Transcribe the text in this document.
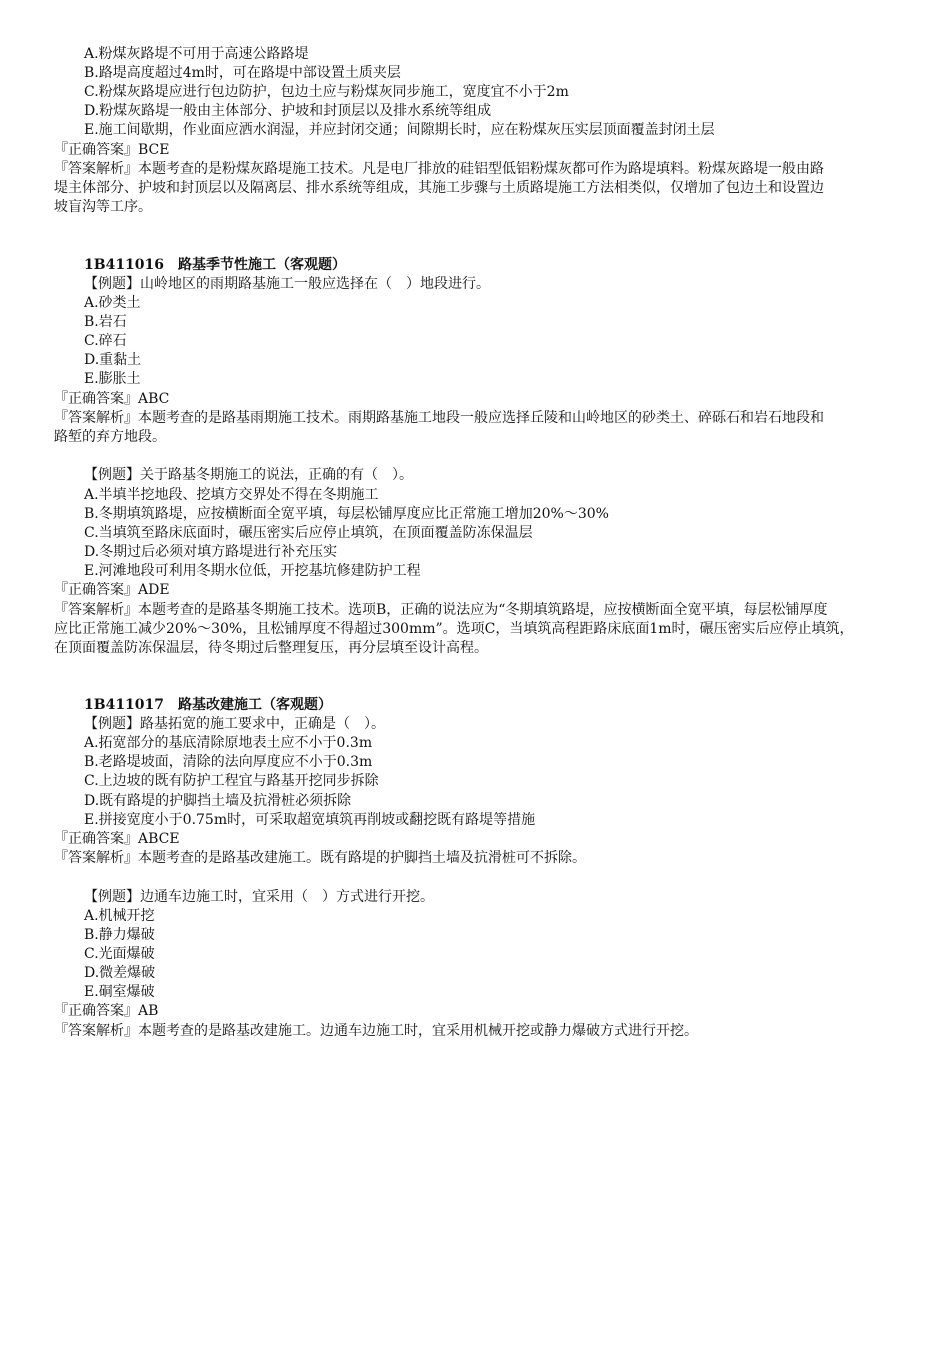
A.粉煤灰路堤不可用于高速公路路堤
B.路堤高度超过4m时，可在路堤中部设置土质夹层
C.粉煤灰路堤应进行包边防护，包边土应与粉煤灰同步施工，宽度宜不小于2m
D.粉煤灰路堤一般由主体部分、护坡和封顶层以及排水系统等组成
E.施工间歇期，作业面应洒水润湿，并应封闭交通；间隙期长时，应在粉煤灰压实层顶面覆盖封闭土层
『正确答案』BCE
『答案解析』本题考查的是粉煤灰路堤施工技术。凡是电厂排放的硅铝型低铝粉煤灰都可作为路堤填料。粉煤灰路堤一般由路
堤主体部分、护坡和封顶层以及隔离层、排水系统等组成，其施工步骤与土质路堤施工方法相类似，仅增加了包边土和设置边
坡盲沟等工序。
1B411016 路基季节性施工（客观题）
【例题】山岭地区的雨期路基施工一般应选择在（　）地段进行。
A.砂类土
B.岩石
C.碎石
D.重黏土
E.膨胀土
『正确答案』ABC
『答案解析』本题考查的是路基雨期施工技术。雨期路基施工地段一般应选择丘陵和山岭地区的砂类土、碎砾石和岩石地段和
路堑的弃方地段。
【例题】关于路基冬期施工的说法，正确的有（　）。
A.半填半挖地段、挖填方交界处不得在冬期施工
B.冬期填筑路堤，应按横断面全宽平填，每层松铺厚度应比正常施工增加20%～30%
C.当填筑至路床底面时，碾压密实后应停止填筑，在顶面覆盖防冻保温层
D.冬期过后必须对填方路堤进行补充压实
E.河滩地段可利用冬期水位低，开挖基坑修建防护工程
『正确答案』ADE
『答案解析』本题考查的是路基冬期施工技术。选项B，正确的说法应为“冬期填筑路堤，应按横断面全宽平填，每层松铺厚度
应比正常施工减少20%～30%，且松铺厚度不得超过300mm”。选项C，当填筑高程距路床底面1m时，碾压密实后应停止填筑，
在顶面覆盖防冻保温层，待冬期过后整理复压，再分层填至设计高程。
1B411017 路基改建施工（客观题）
【例题】路基拓宽的施工要求中，正确是（　）。
A.拓宽部分的基底清除原地表土应不小于0.3m
B.老路堤坡面，清除的法向厚度应不小于0.3m
C.上边坡的既有防护工程宜与路基开挖同步拆除
D.既有路堤的护脚挡土墙及抗滑桩必须拆除
E.拼接宽度小于0.75m时，可采取超宽填筑再削坡或翻挖既有路堤等措施
『正确答案』ABCE
『答案解析』本题考查的是路基改建施工。既有路堤的护脚挡土墙及抗滑桩可不拆除。
【例题】边通车边施工时，宜采用（　）方式进行开挖。
A.机械开挖
B.静力爆破
C.光面爆破
D.微差爆破
E.硐室爆破
『正确答案』AB
『答案解析』本题考查的是路基改建施工。边通车边施工时，宜采用机械开挖或静力爆破方式进行开挖。
